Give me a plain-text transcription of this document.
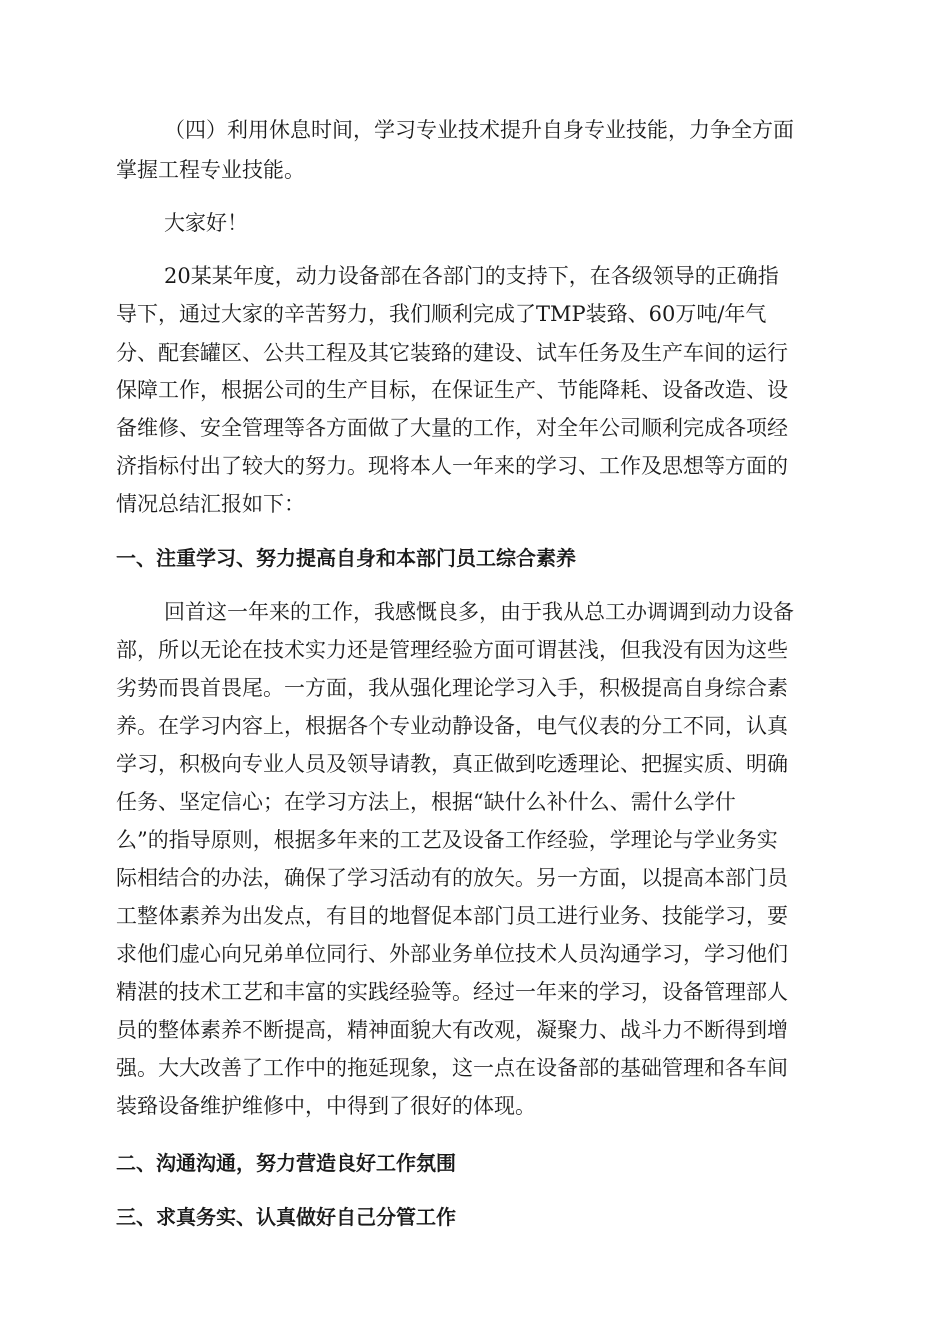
（四）利用休息时间，学习专业技术提升自身专业技能，力争全方面
掌握工程专业技能。
大家好！
20某某年度，动力设备部在各部门的支持下，在各级领导的正确指
导下，通过大家的辛苦努力，我们顺利完成了TMP装臵、60万吨/年气
分、配套罐区、公共工程及其它装臵的建设、试车任务及生产车间的运行
保障工作，根据公司的生产目标，在保证生产、节能降耗、设备改造、设
备维修、安全管理等各方面做了大量的工作，对全年公司顺利完成各项经
济指标付出了较大的努力。现将本人一年来的学习、工作及思想等方面的
情况总结汇报如下：
一、注重学习、努力提高自身和本部门员工综合素养
回首这一年来的工作，我感慨良多，由于我从总工办调调到动力设备
部，所以无论在技术实力还是管理经验方面可谓甚浅，但我没有因为这些
劣势而畏首畏尾。一方面，我从强化理论学习入手，积极提高自身综合素
养。在学习内容上，根据各个专业动静设备，电气仪表的分工不同，认真
学习，积极向专业人员及领导请教，真正做到吃透理论、把握实质、明确
任务、坚定信心；在学习方法上，根据“缺什么补什么、需什么学什
么”的指导原则，根据多年来的工艺及设备工作经验，学理论与学业务实
际相结合的办法，确保了学习活动有的放矢。另一方面，以提高本部门员
工整体素养为出发点，有目的地督促本部门员工进行业务、技能学习，要
求他们虚心向兄弟单位同行、外部业务单位技术人员沟通学习，学习他们
精湛的技术工艺和丰富的实践经验等。经过一年来的学习，设备管理部人
员的整体素养不断提高，精神面貌大有改观，凝聚力、战斗力不断得到增
强。大大改善了工作中的拖延现象，这一点在设备部的基础管理和各车间
装臵设备维护维修中，中得到了很好的体现。
二、沟通沟通，努力营造良好工作氛围
三、求真务实、认真做好自己分管工作
